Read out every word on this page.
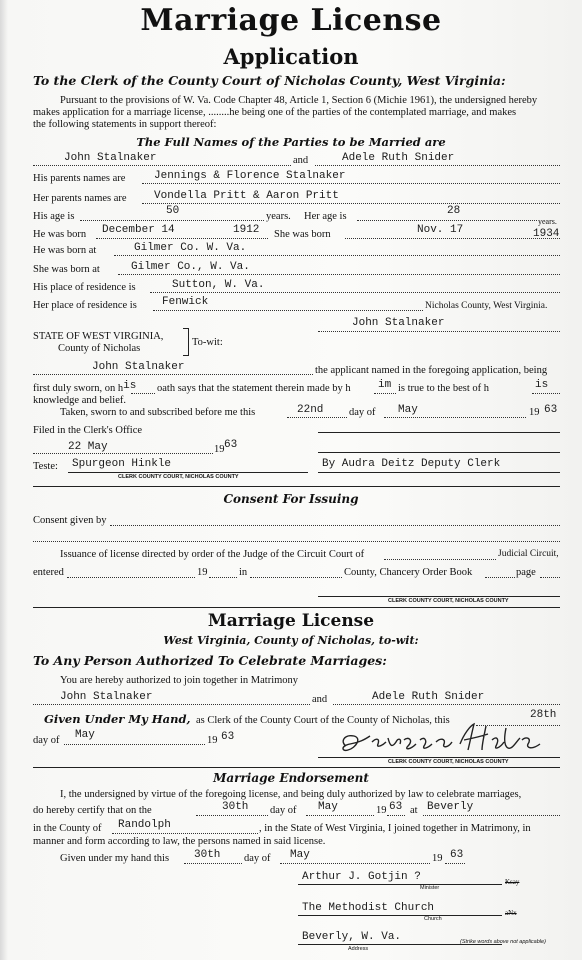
Marriage License
Application
To the Clerk of the County Court of Nicholas County, West Virginia:
Pursuant to the provisions of W. Va. Code Chapter 48, Article 1, Section 6 (Michie 1961), the undersigned hereby
makes application for a marriage license, ........he being one of the parties of the contemplated marriage, and makes
the following statements in support thereof:
The Full Names of the Parties to be Married are
John Stalnaker	and	Adele Ruth Snider
His parents names are	Jennings & Florence Stalnaker
Her parents names are Vondella Pritt & Aaron Pritt
His age is	50	years. Her age is	28
years.
He was born December 14	1912 She was born	Nov. 17	1934
He was born at	Gilmer Co. W. Va.
She was born at	Gilmer Co., W. Va.
His place of residence is	Sutton, W. Va.
Her place of residence is Fenwick	Nicholas County, West Virginia.
John Stalnaker
STATE OF WEST VIRGINIA,
County of Nicholas
To-wit:
John Stalnaker	the applicant named in the foregoing application, being
first duly sworn, on his oath says that the statement therein made by h im is true to the best of h	is
knowledge and belief.
Taken, sworn to and subscribed before me this	22nd day of May	19 63
Filed in the Clerk's Office
22 May	19 63
Teste: Spurgeon Hinkle
CLERK COUNTY COURT, NICHOLAS COUNTY
By Audra Deitz Deputy Clerk
Consent For Issuing
Consent given by
Issuance of license directed by order of the Judge of the Circuit Court of	Judicial Circuit,
entered	19	in	County, Chancery Order Book	page
CLERK COUNTY COURT, NICHOLAS COUNTY
Marriage License
West Virginia, County of Nicholas, to-wit:
To Any Person Authorized To Celebrate Marriages:
You are hereby authorized to join together in Matrimony
John Stalnaker	and	Adele Ruth Snider
Given Under My Hand, as Clerk of the County Court of the County of Nicholas, this	28th
day of May	19 63
CLERK COUNTY COURT, NICHOLAS COUNTY
Marriage Endorsement
I, the undersigned by virtue of the foregoing license, and being duly authorized by law to celebrate marriages,
do hereby certify that on the	30th day of May	19 63 at Beverly
in the County of Randolph	, in the State of West Virginia, I joined together in Matrimony, in
manner and form according to law, the persons named in said license.
Given under my hand this 30th day of May	19 63
Arthur J. Gotjin ?
Minister
Ksay
The Methodist Church
Church
aNx
Beverly, W. Va.
Address
(Strike words above not applicable)
